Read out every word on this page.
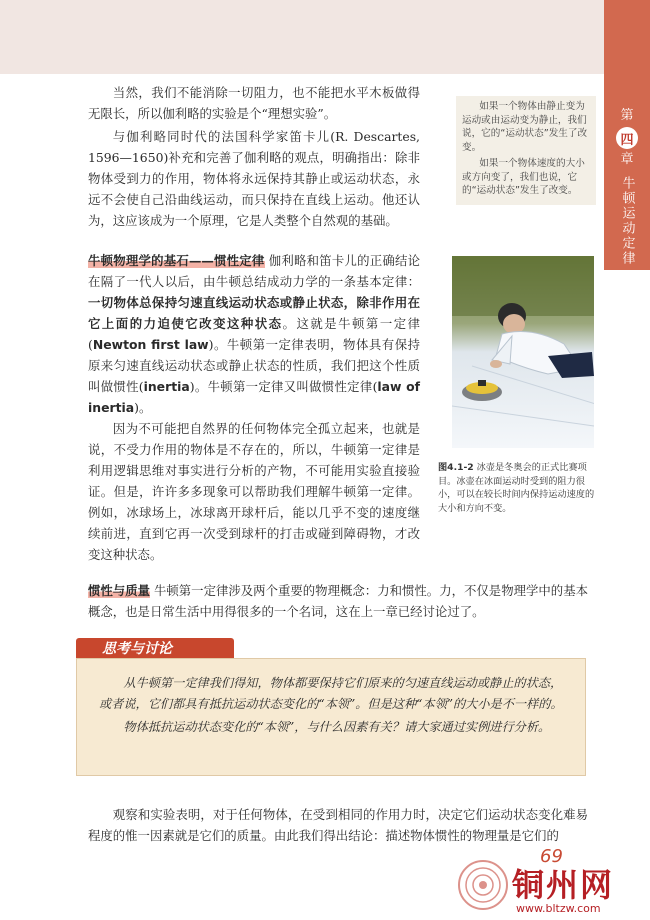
第
四
章
牛顿运动定律

当然，我们不能消除一切阻力，也不能把水平木板做得无限长，所以伽利略的实验是个“理想实验”。

与伽利略同时代的法国科学家笛卡儿(R. Descartes, 1596—1650)补充和完善了伽利略的观点，明确指出：除非物体受到力的作用，物体将永远保持其静止或运动状态，永远不会使自己沿曲线运动，而只保持在直线上运动。他还认为，这应该成为一个原理，它是人类整个自然观的基础。

牛顿物理学的基石——惯性定律 伽利略和笛卡儿的正确结论在隔了一代人以后，由牛顿总结成动力学的一条基本定律：一切物体总保持匀速直线运动状态或静止状态，除非作用在它上面的力迫使它改变这种状态。这就是牛顿第一定律(Newton first law)。牛顿第一定律表明，物体具有保持原来匀速直线运动状态或静止状态的性质，我们把这个性质叫做惯性(inertia)。牛顿第一定律又叫做惯性定律(law of inertia)。

因为不可能把自然界的任何物体完全孤立起来，也就是说，不受力作用的物体是不存在的，所以，牛顿第一定律是利用逻辑思维对事实进行分析的产物，不可能用实验直接验证。但是，许许多多现象可以帮助我们理解牛顿第一定律。例如，冰球场上，冰球离开球杆后，能以几乎不变的速度继续前进，直到它再一次受到球杆的打击或碰到障碍物，才改变这种状态。

惯性与质量 牛顿第一定律涉及两个重要的物理概念：力和惯性。力，不仅是物理学中的基本概念，也是日常生活中用得很多的一个名词，这在上一章已经讨论过了。

如果一个物体由静止变为运动或由运动变为静止，我们说，它的“运动状态”发生了改变。

如果一个物体速度的大小或方向变了，我们也说，它的“运动状态”发生了改变。

图4.1-2 冰壶是冬奥会的正式比赛项目。冰壶在冰面运动时受到的阻力很小，可以在较长时间内保持运动速度的大小和方向不变。
思考与讨论

从牛顿第一定律我们得知，物体都要保持它们原来的匀速直线运动或静止的状态，或者说，它们都具有抵抗运动状态变化的“本领”。但是这种“本领”的大小是不一样的。

物体抵抗运动状态变化的“本领”，与什么因素有关？请大家通过实例进行分析。

观察和实验表明，对于任何物体，在受到相同的作用力时，决定它们运动状态变化难易程度的惟一因素就是它们的质量。由此我们得出结论：描述物体惯性的物理量是它们的

69
铜州网
www.bltzw.com
